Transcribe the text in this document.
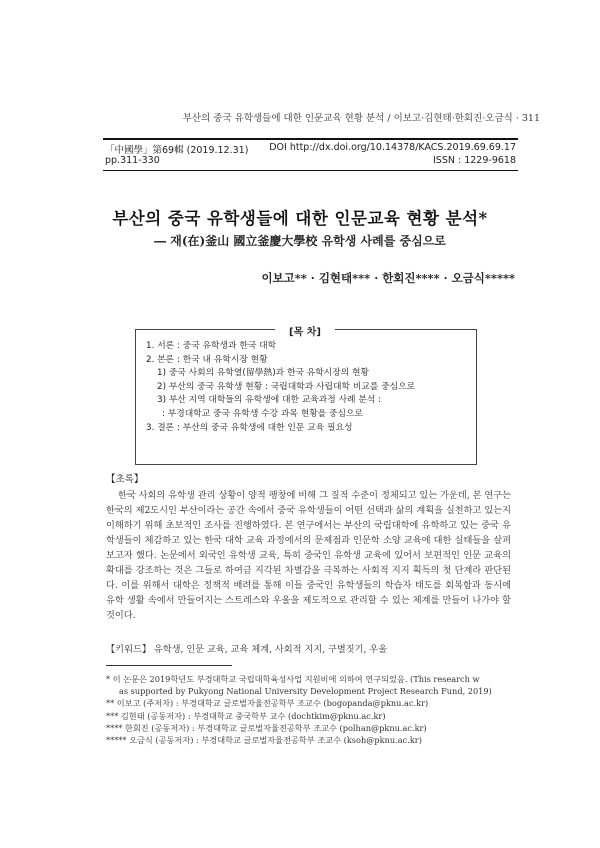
부산의 중국 유학생들에 대한 인문교육 현황 분석 / 이보고·김현태·한회진·오금식 · 311
「中國學」第69輯 (2019.12.31) DOI http://dx.doi.org/10.14378/KACS.2019.69.69.17
pp.311-330	ISSN : 1229-9618
부산의 중국 유학생들에 대한 인문교육 현황 분석*
― 재(在)釜山 國立釜慶大學校 유학생 사례를 중심으로
이보고** · 김현태*** · 한회진**** · 오금식*****
[목 차]
1. 서론 : 중국 유학생과 한국 대학
2. 본론 : 한국 내 유학시장 현황
1) 중국 사회의 유학열(留學熱)과 한국 유학시장의 현황
2) 부산의 중국 유학생 현황 : 국립대학과 사립대학 비교를 중심으로
3) 부산 지역 대학들의 유학생에 대한 교육과정 사례 분석 :
: 부경대학교 중국 유학생 수강 과목 현황을 중심으로
3. 결론 : 부산의 중국 유학생에 대한 인문 교육 필요성
【초록】

한국 사회의 유학생 관리 상황이 양적 팽창에 비해 그 질적 수준이 정체되고 있는 가운데, 본 연구는 한국의 제2도시인 부산이라는 공간 속에서 중국 유학생들이 어떤 선택과 삶의 계획을 실천하고 있는지 이해하기 위해 초보적인 조사를 진행하였다. 본 연구에서는 부산의 국립대학에 유학하고 있는 중국 유학생들이 체감하고 있는 한국 대학 교육 과정에서의 문제점과 인문학 소양 교육에 대한 실태들을 살펴보고자 했다. 논문에서 외국인 유학생 교육, 특히 중국인 유학생 교육에 있어서 보편적인 인문 교육의 확대를 강조하는 것은 그들로 하여금 지각된 차별감을 극복하는 사회적 지지 획득의 첫 단계라 판단된다. 이를 위해서 대학은 정책적 배려를 통해 이들 중국인 유학생들의 학습자 태도를 회복함과 동시에 유학 생활 속에서 만들어지는 스트레스와 우울을 제도적으로 관리할 수 있는 체계를 만들어 나가야 할 것이다.

【키워드】 유학생, 인문 교육, 교육 체계, 사회적 지지, 구별짓기, 우울
* 이 논문은 2019학년도 부경대학교 국립대학육성사업 지원비에 의하여 연구되었음. (This research w
as supported by Pukyong National University Development Project Research Fund, 2019)
** 이보고 (주저자) : 부경대학교 글로벌자율전공학부 조교수 (bogopanda@pknu.ac.kr)
*** 김현태 (공동저자) : 부경대학교 중국학부 교수 (dochtkim@pknu.ac.kr)
**** 한회진 (공동저자) : 부경대학교 글로벌자율전공학부 조교수 (polhan@pknu.ac.kr)
***** 오금식 (공동저자) : 부경대학교 글로벌자율전공학부 조교수 (ksoh@pknu.ac.kr)
